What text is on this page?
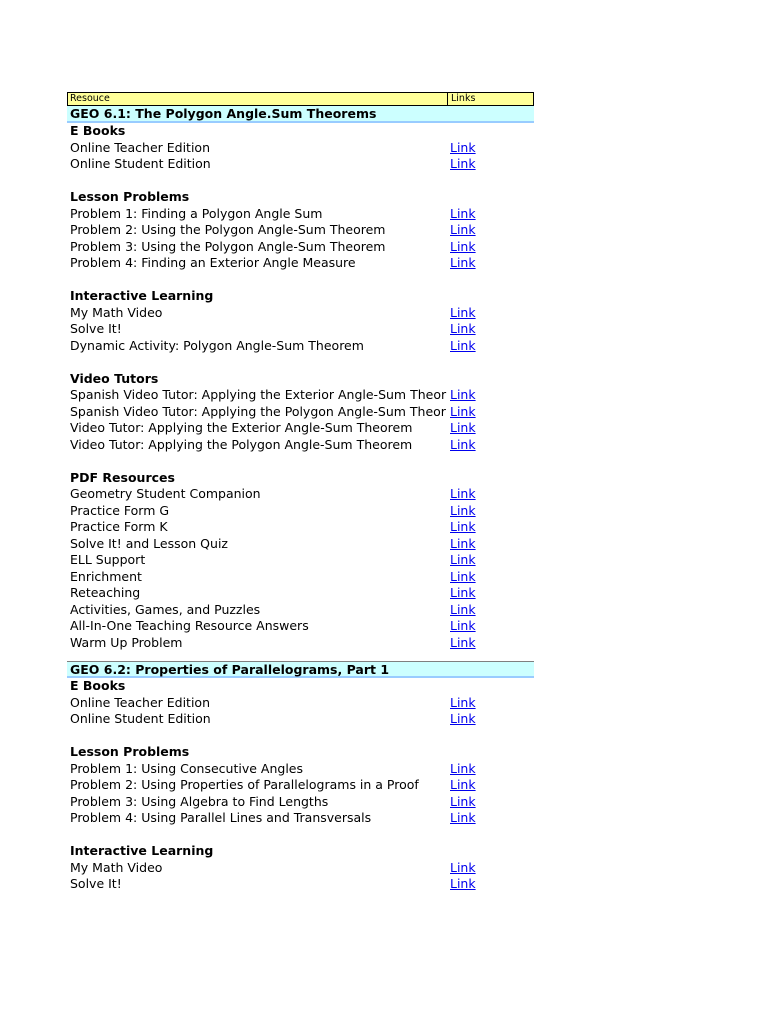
Resouce	Links
GEO 6.1: The Polygon Angle.Sum Theorems
E Books
Online Teacher Edition	Link
Online Student Edition	Link
Lesson Problems
Problem 1: Finding a Polygon Angle Sum	Link
Problem 2: Using the Polygon Angle-Sum Theorem	Link
Problem 3: Using the Polygon Angle-Sum Theorem	Link
Problem 4: Finding an Exterior Angle Measure	Link
Interactive Learning
My Math Video	Link
Solve It!	Link
Dynamic Activity: Polygon Angle-Sum Theorem	Link
Video Tutors
Spanish Video Tutor: Applying the Exterior Angle-Sum Theor Link
Spanish Video Tutor: Applying the Polygon Angle-Sum Theor Link
Video Tutor: Applying the Exterior Angle-Sum Theorem	Link
Video Tutor: Applying the Polygon Angle-Sum Theorem	Link
PDF Resources
Geometry Student Companion	Link
Practice Form G	Link
Practice Form K	Link
Solve It! and Lesson Quiz	Link
ELL Support	Link
Enrichment	Link
Reteaching	Link
Activities, Games, and Puzzles	Link
All-In-One Teaching Resource Answers	Link
Warm Up Problem	Link
GEO 6.2: Properties of Parallelograms, Part 1
E Books
Online Teacher Edition	Link
Online Student Edition	Link
Lesson Problems
Problem 1: Using Consecutive Angles	Link
Problem 2: Using Properties of Parallelograms in a Proof	Link
Problem 3: Using Algebra to Find Lengths	Link
Problem 4: Using Parallel Lines and Transversals	Link
Interactive Learning
My Math Video	Link
Solve It!	Link
